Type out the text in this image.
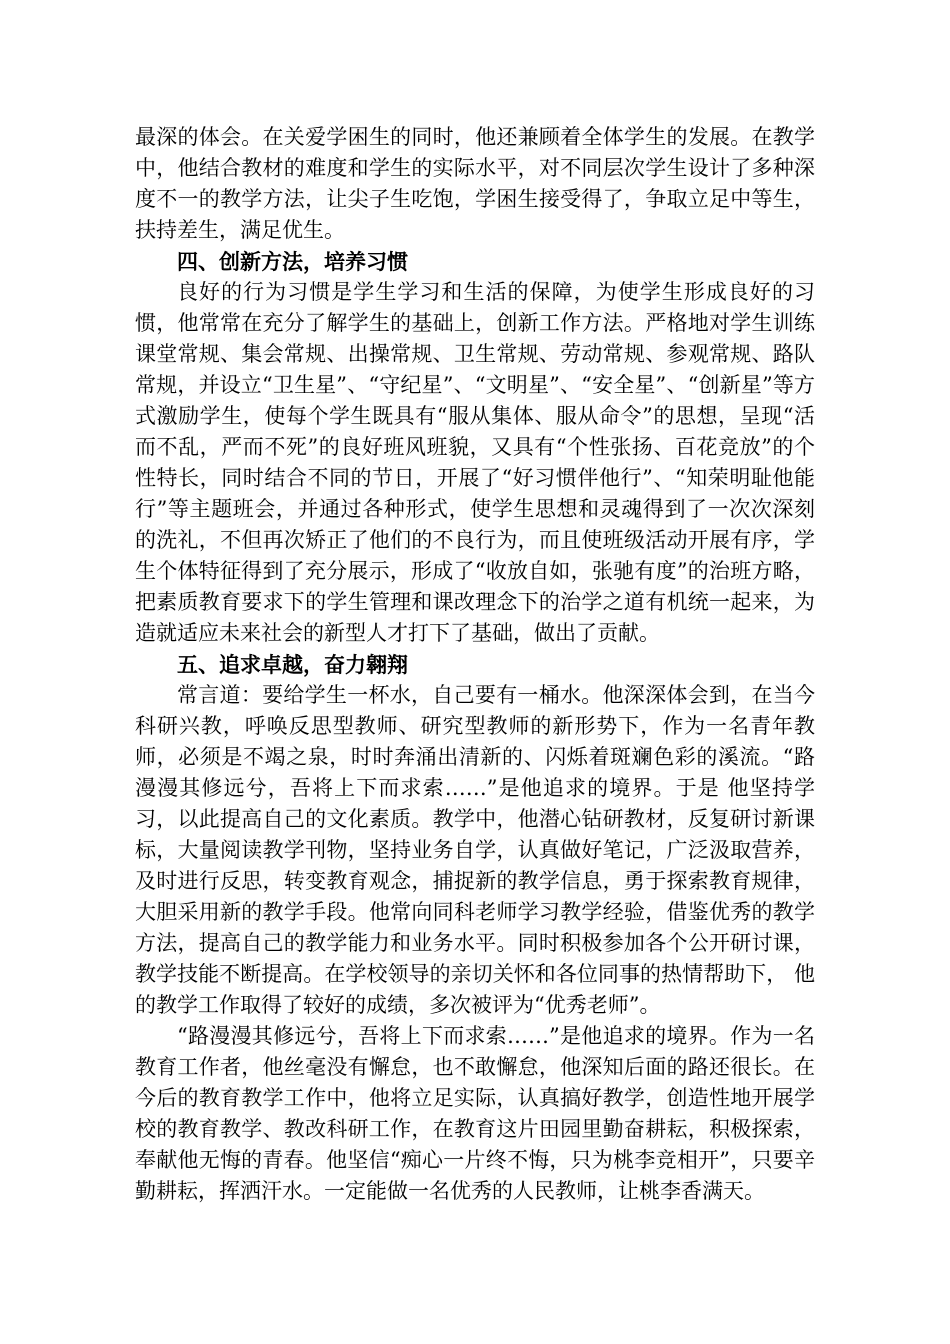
最深的体会。在关爱学困生的同时，他还兼顾着全体学生的发展。在教学中，他结合教材的难度和学生的实际水平，对不同层次学生设计了多种深度不一的教学方法，让尖子生吃饱，学困生接受得了，争取立足中等生，扶持差生，满足优生。

四、创新方法，培养习惯

良好的行为习惯是学生学习和生活的保障，为使学生形成良好的习惯，他常常在充分了解学生的基础上，创新工作方法。严格地对学生训练课堂常规、集会常规、出操常规、卫生常规、劳动常规、参观常规、路队常规，并设立“卫生星”、“守纪星”、“文明星”、“安全星”、“创新星”等方式激励学生，使每个学生既具有“服从集体、服从命令”的思想，呈现“活而不乱，严而不死”的良好班风班貌，又具有“个性张扬、百花竞放”的个性特长，同时结合不同的节日，开展了“好习惯伴他行”、“知荣明耻他能行”等主题班会，并通过各种形式，使学生思想和灵魂得到了一次次深刻的洗礼，不但再次矫正了他们的不良行为，而且使班级活动开展有序，学生个体特征得到了充分展示，形成了“收放自如，张驰有度”的治班方略，把素质教育要求下的学生管理和课改理念下的治学之道有机统一起来，为造就适应未来社会的新型人才打下了基础，做出了贡献。

五、追求卓越，奋力翱翔

常言道：要给学生一杯水，自己要有一桶水。他深深体会到，在当今科研兴教，呼唤反思型教师、研究型教师的新形势下，作为一名青年教师，必须是不竭之泉，时时奔涌出清新的、闪烁着斑斓色彩的溪流。“路漫漫其修远兮，吾将上下而求索……”是他追求的境界。于是 他坚持学习，以此提高自己的文化素质。教学中，他潜心钻研教材，反复研讨新课标，大量阅读教学刊物，坚持业务自学，认真做好笔记，广泛汲取营养，及时进行反思，转变教育观念，捕捉新的教学信息，勇于探索教育规律，大胆采用新的教学手段。他常向同科老师学习教学经验，借鉴优秀的教学方法，提高自己的教学能力和业务水平。同时积极参加各个公开研讨课，教学技能不断提高。在学校领导的亲切关怀和各位同事的热情帮助下， 他的教学工作取得了较好的成绩，多次被评为“优秀老师”。

“路漫漫其修远兮，吾将上下而求索……”是他追求的境界。作为一名教育工作者，他丝毫没有懈怠，也不敢懈怠，他深知后面的路还很长。在今后的教育教学工作中，他将立足实际，认真搞好教学，创造性地开展学校的教育教学、教改科研工作，在教育这片田园里勤奋耕耘，积极探索，奉献他无悔的青春。他坚信“痴心一片终不悔，只为桃李竞相开”，只要辛勤耕耘，挥洒汗水。一定能做一名优秀的人民教师，让桃李香满天。
